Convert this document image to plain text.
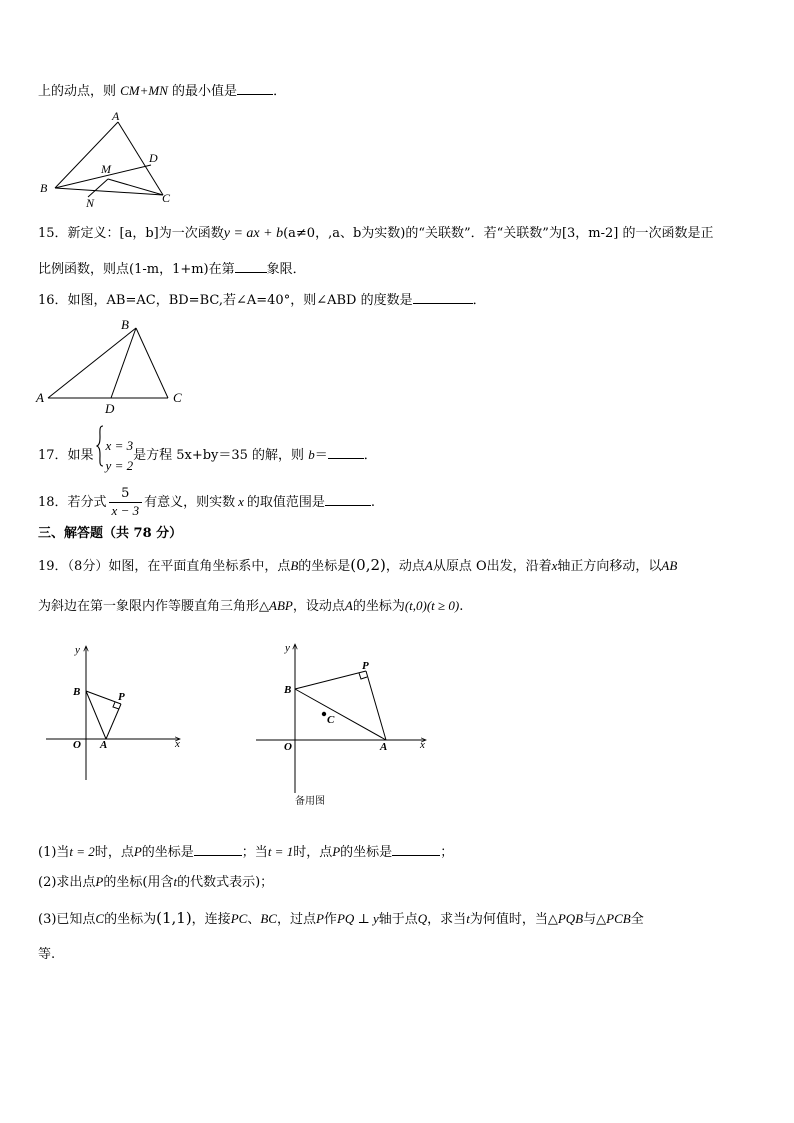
上的动点，则 CM+MN 的最小值是	．
A
B
C
D
M
N
15．新定义：[a，b]为一次函数y = ax + b(a≠0，,a、b为实数)的“关联数”．若“关联数”为[3，m-2] 的一次函数是正
比例函数，则点(1-m，1+m)在第 象限．
16．如图，AB=AC，BD=BC,若∠A=40°，则∠ABD 的度数是	．
B
A	C
D
17．如果
x = 3
y = 2
是方程 5x+by＝35 的解，则 b＝	．
18．若分式 $\frac{5}{x - 3}$ 有意义，则实数 x 的取值范围是	.
三、解答题（共 78 分）
19．（8分）如图，在平面直角坐标系中，点B的坐标是(0,2)，动点A从原点 O出发，沿着x轴正方向移动，以AB
为斜边在第一象限内作等腰直角三角形△ABP，设动点A的坐标为(t,0)(t ≥ 0).
y
x
O A
B	P
y
x
O	A
B
P
C
备用图
(1)当t = 2时，点P的坐标是	；当t = 1时，点P的坐标是	；
(2)求出点P的坐标(用含t的代数式表示)；
(3)已知点C的坐标为(1,1)，连接PC、BC，过点P作PQ ⊥ y轴于点Q，求当t为何值时，当△PQB与△PCB全
等.
